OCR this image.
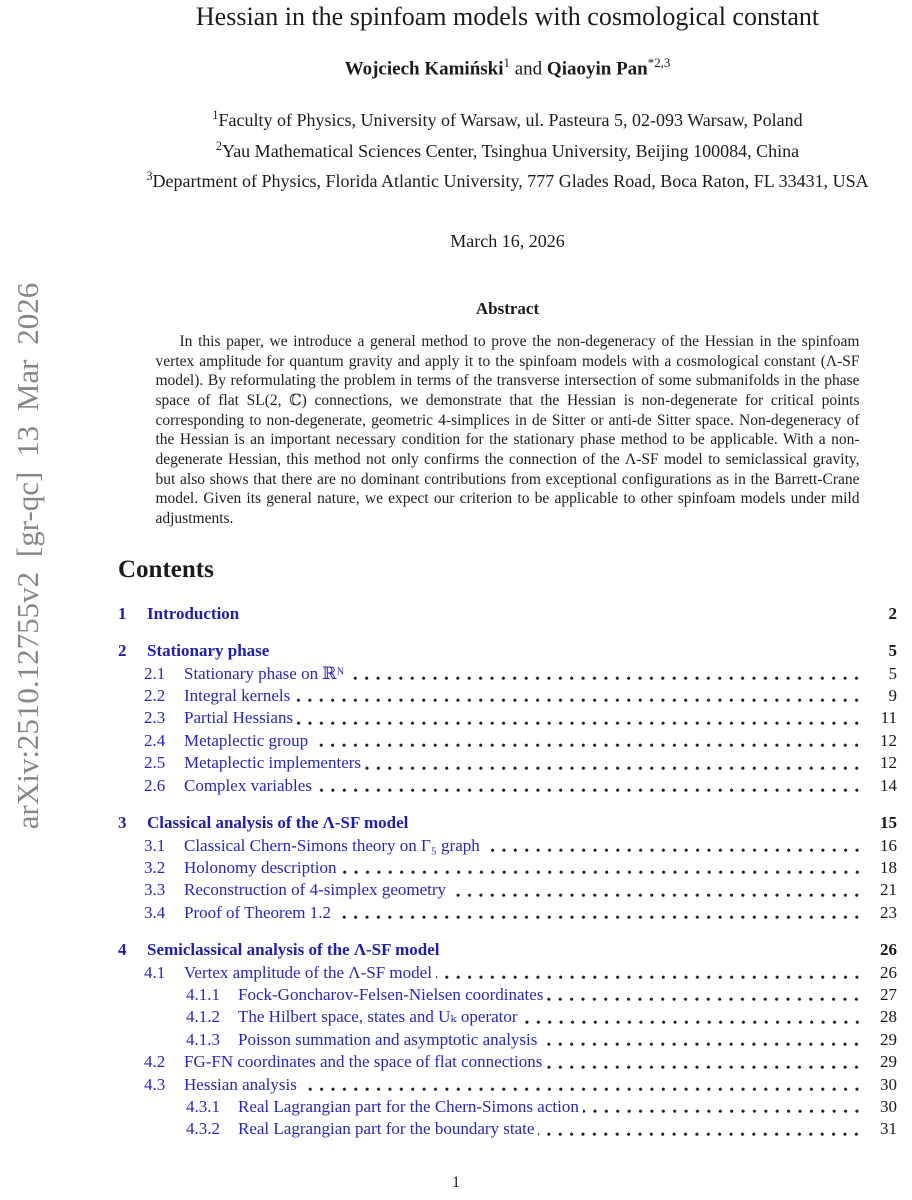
arXiv:2510.12755v2 [gr-qc] 13 Mar 2026
Hessian in the spinfoam models with cosmological constant
Wojciech Kamiński$^1$ and Qiaoyin Pan$^{*2,3}$
$^1$Faculty of Physics, University of Warsaw, ul. Pasteura 5, 02-093 Warsaw, Poland
$^2$Yau Mathematical Sciences Center, Tsinghua University, Beijing 100084, China
$^3$Department of Physics, Florida Atlantic University, 777 Glades Road, Boca Raton, FL 33431, USA
March 16, 2026
Abstract
In this paper, we introduce a general method to prove the non-degeneracy of the Hessian in the spinfoam vertex amplitude for quantum gravity and apply it to the spinfoam models with a cosmological constant (Λ-SF model). By reformulating the problem in terms of the transverse intersection of some submanifolds in the phase space of flat SL(2, ℂ) connections, we demonstrate that the Hessian is non-degenerate for critical points corresponding to non-degenerate, geometric 4-simplices in de Sitter or anti-de Sitter space. Non-degeneracy of the Hessian is an important necessary condition for the stationary phase method to be applicable. With a non-degenerate Hessian, this method not only confirms the connection of the Λ-SF model to semiclassical gravity, but also shows that there are no dominant contributions from exceptional configurations as in the Barrett-Crane model. Given its general nature, we expect our criterion to be applicable to other spinfoam models under mild adjustments.
Contents
1	Introduction	2
2	Stationary phase	5
2.1	Stationary phase on ℝᴺ	5
2.2	Integral kernels	9
2.3	Partial Hessians	11
2.4	Metaplectic group	12
2.5	Metaplectic implementers	12
2.6	Complex variables	14
3	Classical analysis of the Λ-SF model	15
3.1	Classical Chern-Simons theory on Γ₅ graph	16
3.2	Holonomy description	18
3.3	Reconstruction of 4-simplex geometry	21
3.4	Proof of Theorem 1.2	23
4	Semiclassical analysis of the Λ-SF model	26
4.1	Vertex amplitude of the Λ-SF model	26
4.1.1	Fock-Goncharov-Felsen-Nielsen coordinates	27
4.1.2	The Hilbert space, states and Uₖ operator	28
4.1.3	Poisson summation and asymptotic analysis	29
4.2	FG-FN coordinates and the space of flat connections	29
4.3	Hessian analysis	30
4.3.1	Real Lagrangian part for the Chern-Simons action	30
4.3.2	Real Lagrangian part for the boundary state	31
1
